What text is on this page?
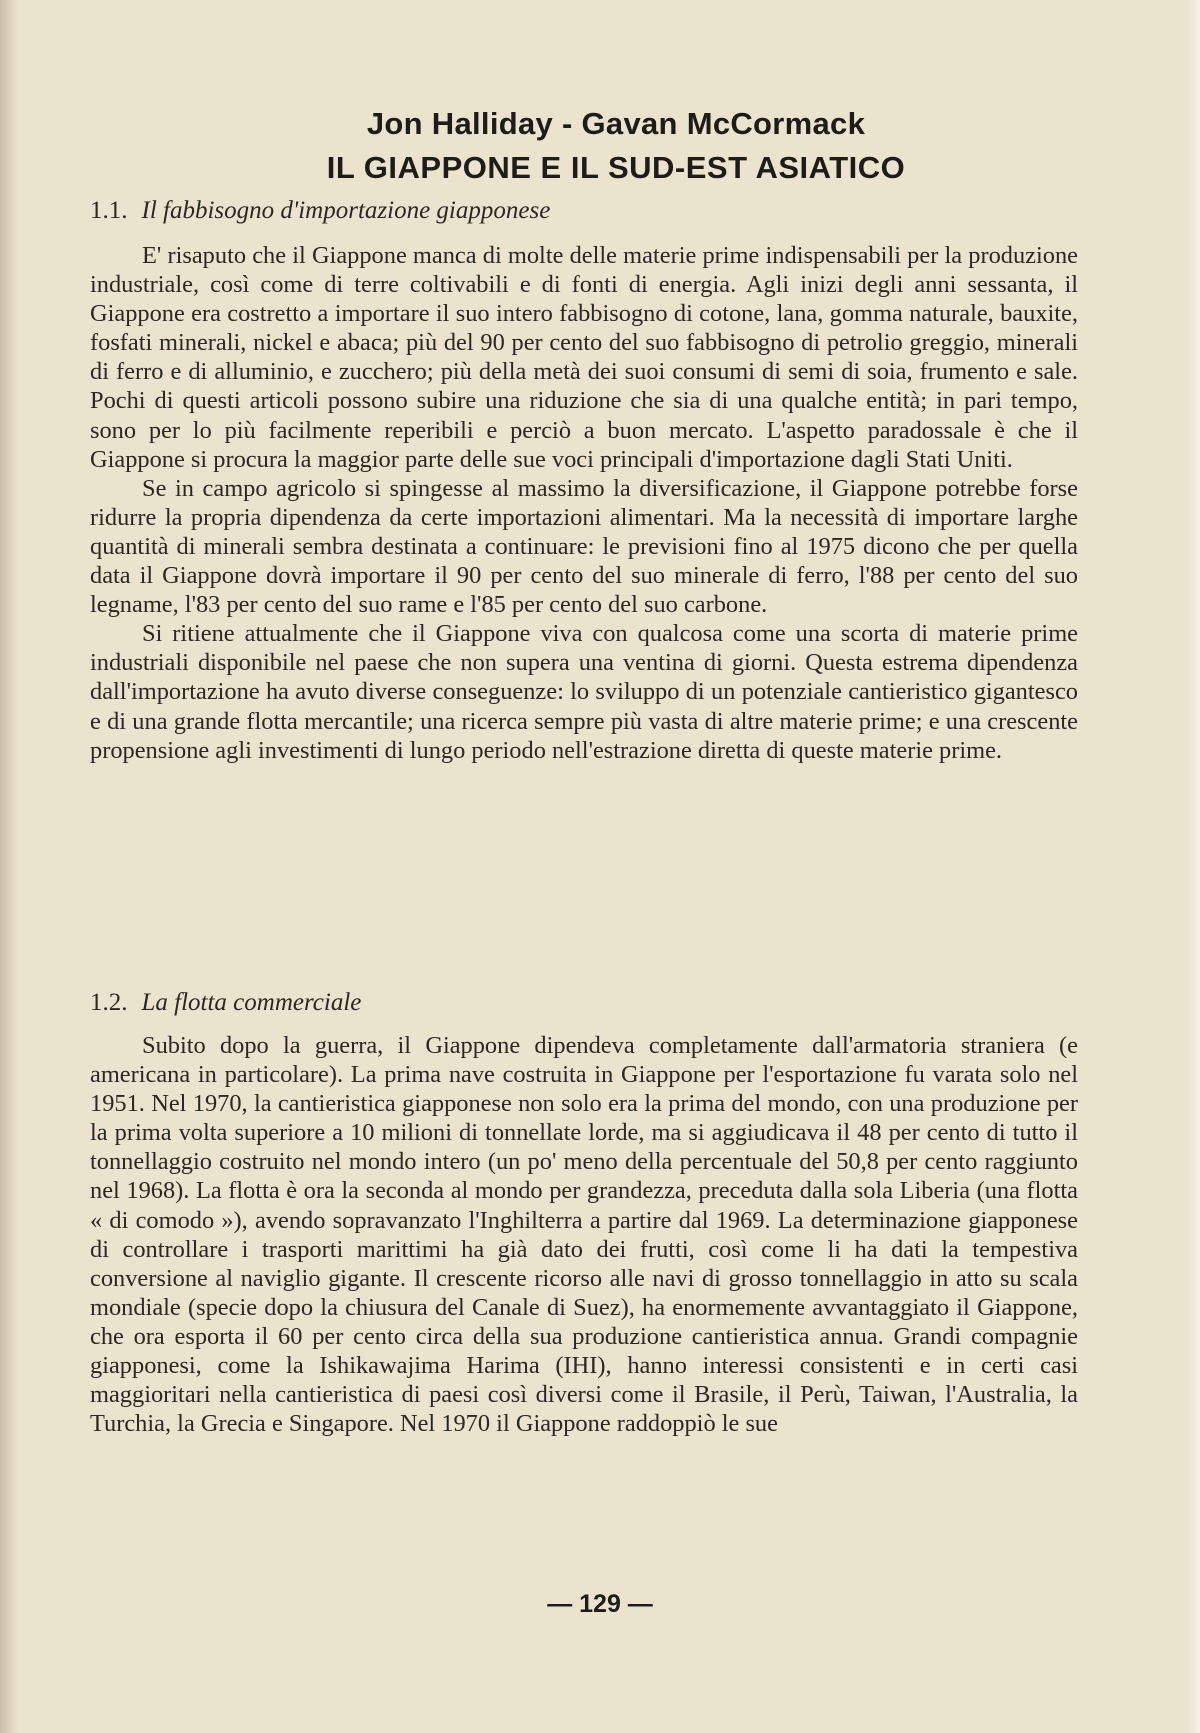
Jon Halliday - Gavan McCormack
IL GIAPPONE E IL SUD-EST ASIATICO
1.1. Il fabbisogno d'importazione giapponese

E' risaputo che il Giappone manca di molte delle materie prime indispensabili per la produzione industriale, così come di terre coltivabili e di fonti di energia. Agli inizi degli anni sessanta, il Giappone era costretto a importare il suo intero fabbisogno di cotone, lana, gomma naturale, bauxite, fosfati minerali, nickel e abaca; più del 90 per cento del suo fabbisogno di petrolio greggio, minerali di ferro e di alluminio, e zucchero; più della metà dei suoi consumi di semi di soia, frumento e sale. Pochi di questi articoli possono subire una riduzione che sia di una qualche entità; in pari tempo, sono per lo più facilmente reperibili e perciò a buon mercato. L'aspetto paradossale è che il Giappone si procura la maggior parte delle sue voci principali d'importazione dagli Stati Uniti.

Se in campo agricolo si spingesse al massimo la diversificazione, il Giappone potrebbe forse ridurre la propria dipendenza da certe importazioni alimentari. Ma la necessità di importare larghe quantità di minerali sembra destinata a continuare: le previsioni fino al 1975 dicono che per quella data il Giappone dovrà importare il 90 per cento del suo minerale di ferro, l'88 per cento del suo legname, l'83 per cento del suo rame e l'85 per cento del suo carbone.

Si ritiene attualmente che il Giappone viva con qualcosa come una scorta di materie prime industriali disponibile nel paese che non supera una ventina di giorni. Questa estrema dipendenza dall'importazione ha avuto diverse conseguenze: lo sviluppo di un potenziale cantieristico gigantesco e di una grande flotta mercantile; una ricerca sempre più vasta di altre materie prime; e una crescente propensione agli investimenti di lungo periodo nell'estrazione diretta di queste materie prime.

1.2. La flotta commerciale

Subito dopo la guerra, il Giappone dipendeva completamente dall'armatoria straniera (e americana in particolare). La prima nave costruita in Giappone per l'esportazione fu varata solo nel 1951. Nel 1970, la cantieristica giapponese non solo era la prima del mondo, con una produzione per la prima volta superiore a 10 milioni di tonnellate lorde, ma si aggiudicava il 48 per cento di tutto il tonnellaggio costruito nel mondo intero (un po' meno della percentuale del 50,8 per cento raggiunto nel 1968). La flotta è ora la seconda al mondo per grandezza, preceduta dalla sola Liberia (una flotta « di comodo »), avendo sopravanzato l'Inghilterra a partire dal 1969. La determinazione giapponese di controllare i trasporti marittimi ha già dato dei frutti, così come li ha dati la tempestiva conversione al naviglio gigante. Il crescente ricorso alle navi di grosso tonnellaggio in atto su scala mondiale (specie dopo la chiusura del Canale di Suez), ha enormemente avvantaggiato il Giappone, che ora esporta il 60 per cento circa della sua produzione cantieristica annua. Grandi compagnie giapponesi, come la Ishikawajima Harima (IHI), hanno interessi consistenti e in certi casi maggioritari nella cantieristica di paesi così diversi come il Brasile, il Perù, Taiwan, l'Australia, la Turchia, la Grecia e Singapore. Nel 1970 il Giappone raddoppiò le sue

— 129 —
